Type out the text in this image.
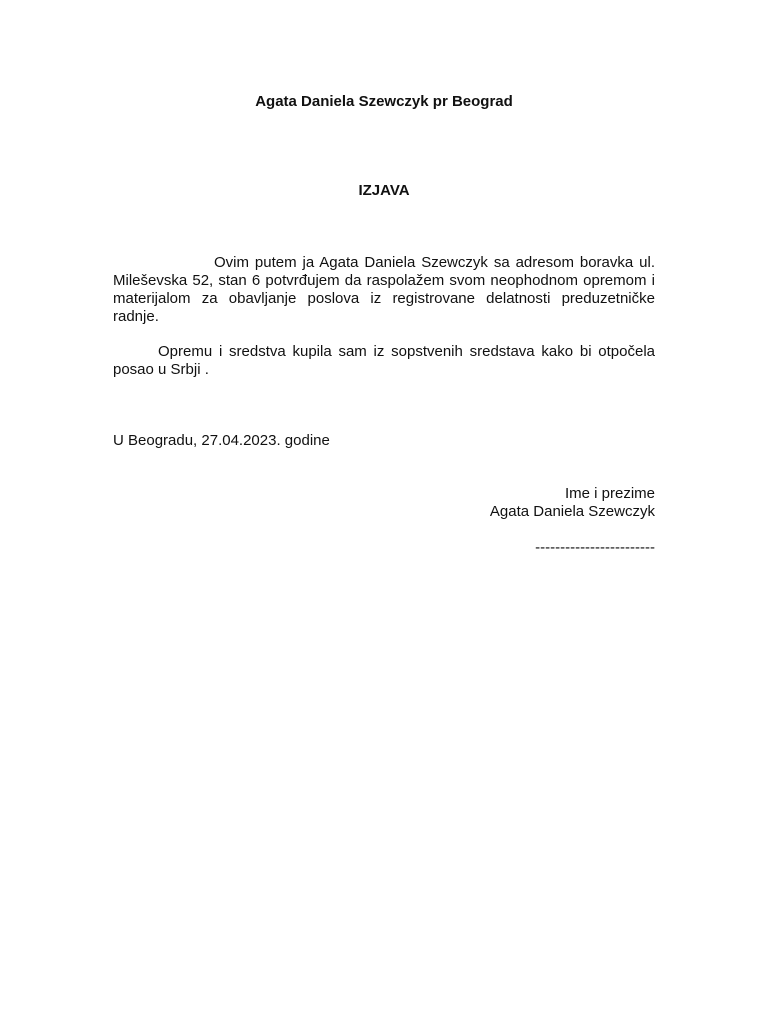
Agata Daniela Szewczyk pr Beograd
IZJAVA
Ovim putem ja Agata Daniela Szewczyk sa adresom boravka ul. Mileševska 52, stan 6 potvrđujem da raspolažem svom neophodnom opremom i materijalom za obavljanje poslova iz registrovane delatnosti preduzetničke radnje.
Opremu i sredstva kupila sam iz sopstvenih sredstava kako bi otpočela posao u Srbji .
U Beogradu, 27.04.2023. godine
Ime i prezime
Agata Daniela Szewczyk
------------------------
